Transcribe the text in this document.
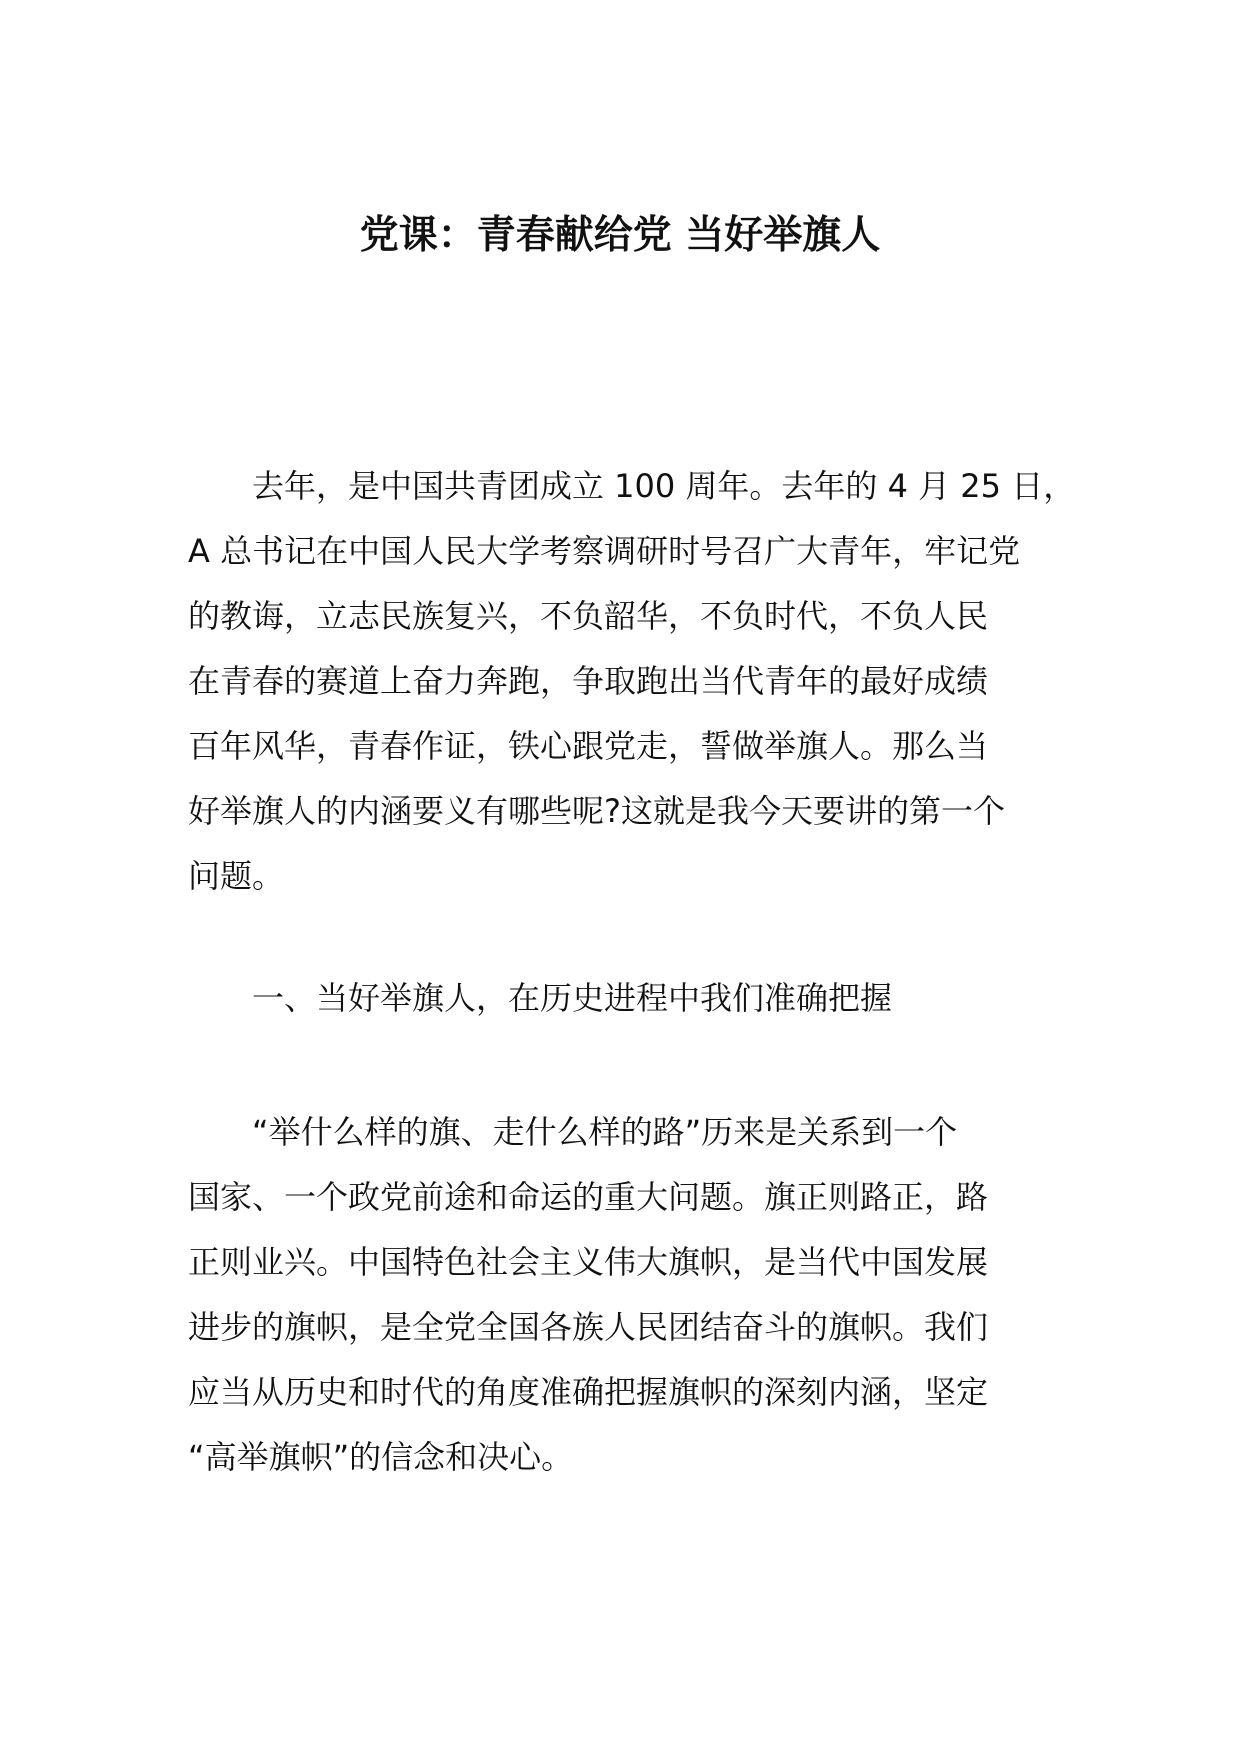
党课：青春献给党 当好举旗人
去年，是中国共青团成立 100 周年。去年的 4 月 25 日，
A 总书记在中国人民大学考察调研时号召广大青年，牢记党
的教诲，立志民族复兴，不负韶华，不负时代，不负人民
在青春的赛道上奋力奔跑，争取跑出当代青年的最好成绩
百年风华，青春作证，铁心跟党走，誓做举旗人。那么当
好举旗人的内涵要义有哪些呢?这就是我今天要讲的第一个
问题。
一、当好举旗人，在历史进程中我们准确把握
“举什么样的旗、走什么样的路”历来是关系到一个
国家、一个政党前途和命运的重大问题。旗正则路正，路
正则业兴。中国特色社会主义伟大旗帜，是当代中国发展
进步的旗帜，是全党全国各族人民团结奋斗的旗帜。我们
应当从历史和时代的角度准确把握旗帜的深刻内涵，坚定
“高举旗帜”的信念和决心。
